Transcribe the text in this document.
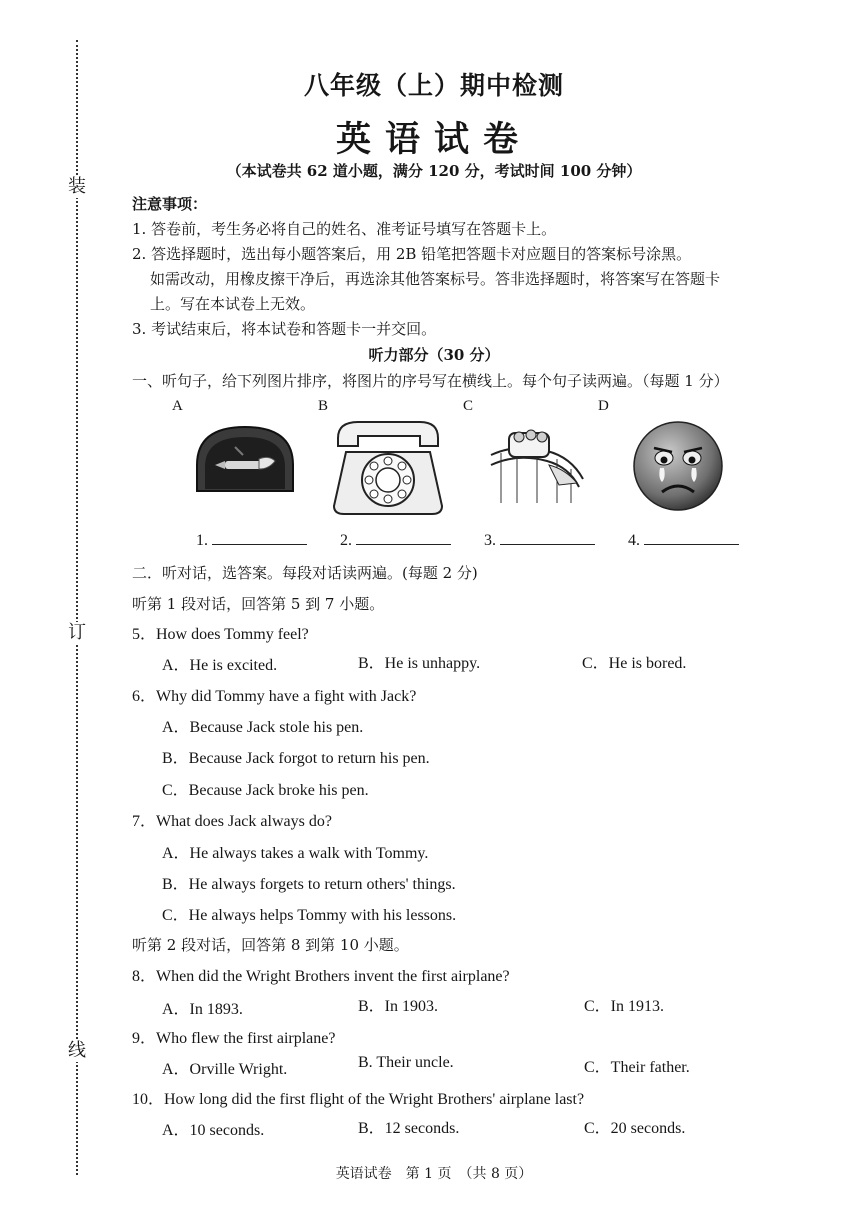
装
订
线
八年级（上）期中检测
英语试卷
（本试卷共 62 道小题，满分 120 分，考试时间 100 分钟）
注意事项：
1. 答卷前，考生务必将自己的姓名、准考证号填写在答题卡上。
2. 答选择题时，选出每小题答案后，用 2B 铅笔把答题卡对应题目的答案标号涂黑。
如需改动，用橡皮擦干净后，再选涂其他答案标号。答非选择题时，将答案写在答题卡
上。写在本试卷上无效。
3. 考试结束后，将本试卷和答题卡一并交回。
听力部分（30 分）
一、听句子，给下列图片排序，将图片的序号写在横线上。每个句子读两遍。（每题 1 分）
A	B	C	D
1.	2.	3.	4.
二．听对话，选答案。每段对话读两遍。(每题 2 分)
听第 1 段对话，回答第 5 到 7 小题。
5．How does Tommy feel?
A．He is excited.	B．He is unhappy.	C．He is bored.
6．Why did Tommy have a fight with Jack?
A．Because Jack stole his pen.
B．Because Jack forgot to return his pen.
C．Because Jack broke his pen.
7．What does Jack always do?
A．He always takes a walk with Tommy.
B．He always forgets to return others' things.
C．He always helps Tommy with his lessons.
听第 2 段对话，回答第 8 到第 10 小题。
8．When did the Wright Brothers invent the first airplane?
A．In 1893.	B．In 1903.	C．In 1913.
9．Who flew the first airplane?
A．Orville Wright.	B. Their uncle.	C．Their father.
10．How long did the first flight of the Wright Brothers' airplane last?
A．10 seconds.	B．12 seconds.	C．20 seconds.
英语试卷　第 1 页　（共 8 页）
